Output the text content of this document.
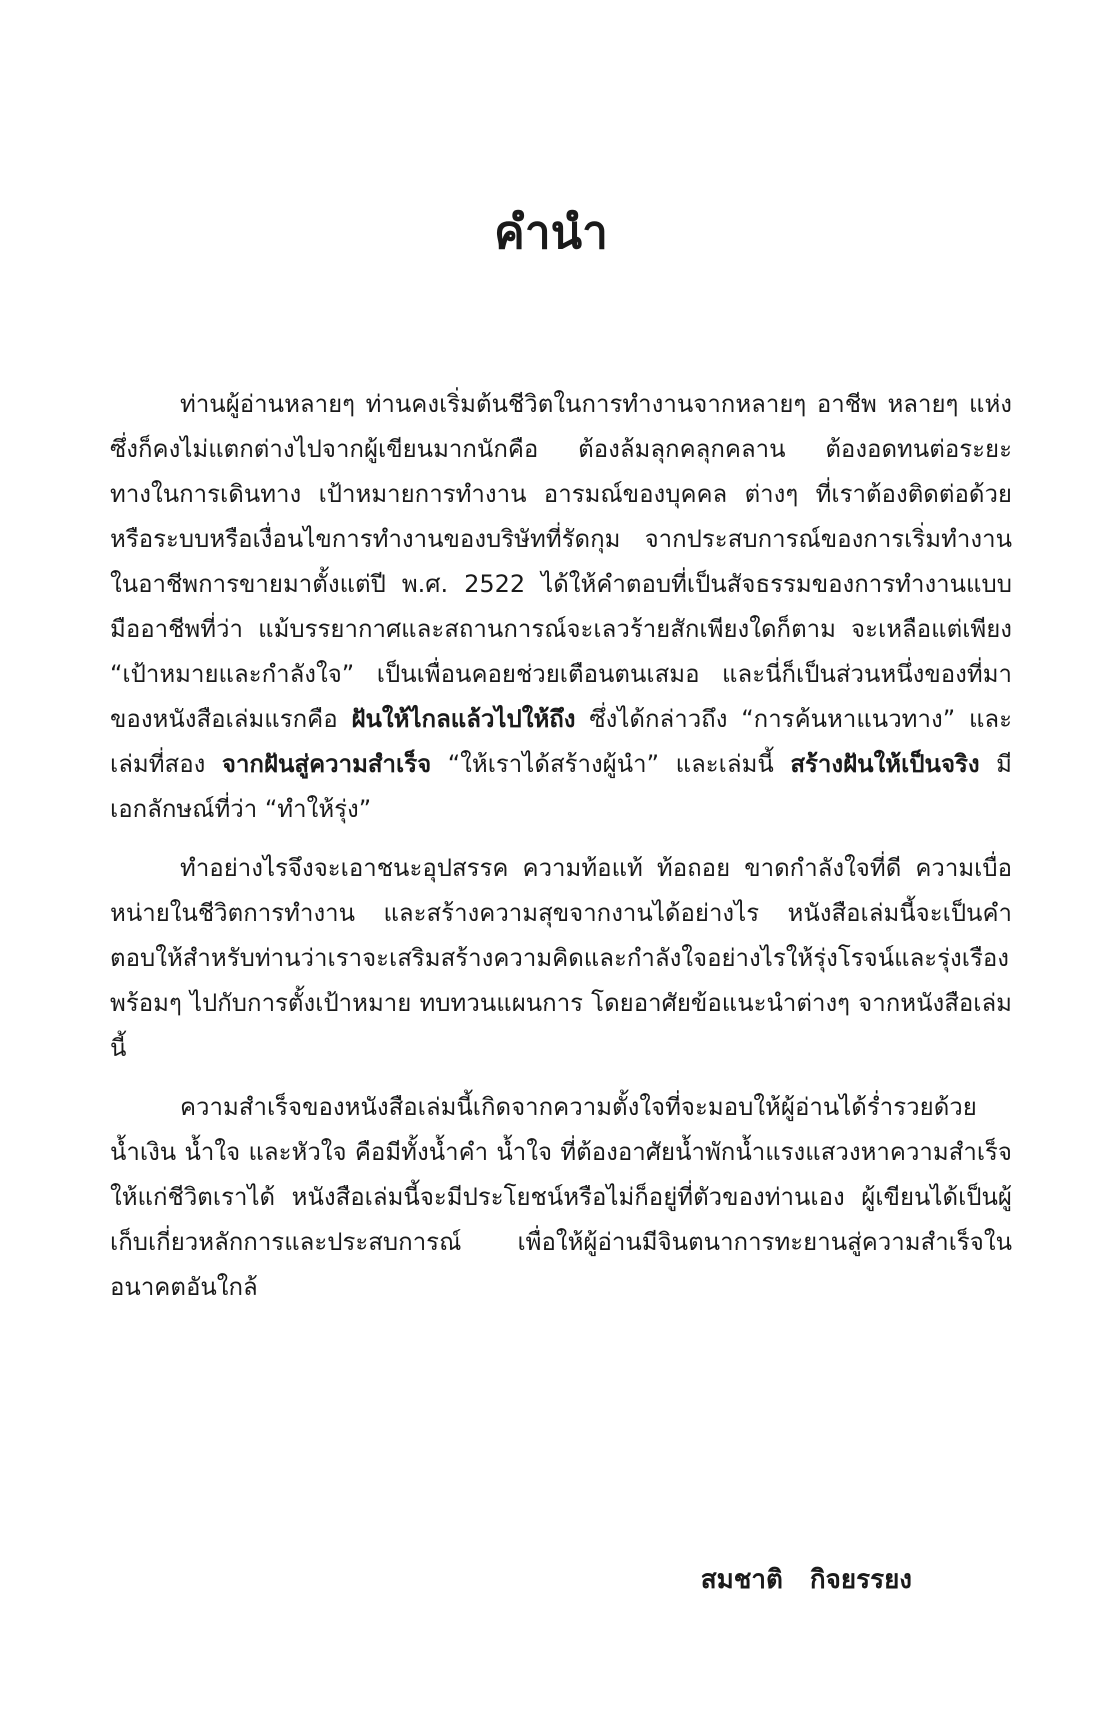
คำนำ

ท่านผู้อ่านหลายๆ ท่านคงเริ่มต้นชีวิตในการทำงานจากหลายๆ อาชีพ หลายๆ แห่ง ซึ่งก็คงไม่แตกต่างไปจากผู้เขียนมากนักคือ ต้องล้มลุกคลุกคลาน ต้องอดทนต่อระยะทางในการเดินทาง เป้าหมายการทำงาน อารมณ์ของบุคคล ต่างๆ ที่เราต้องติดต่อด้วย หรือระบบหรือเงื่อนไขการทำงานของบริษัทที่รัดกุม จากประสบการณ์ของการเริ่มทำงานในอาชีพการขายมาตั้งแต่ปี พ.ศ. 2522 ได้ให้คำตอบที่เป็นสัจธรรมของการทำงานแบบมืออาชีพที่ว่า แม้บรรยากาศและสถานการณ์จะเลวร้ายสักเพียงใดก็ตาม จะเหลือแต่เพียง “เป้าหมายและกำลังใจ” เป็นเพื่อนคอยช่วยเตือนตนเสมอ และนี่ก็เป็นส่วนหนึ่งของที่มาของหนังสือเล่มแรกคือ ฝันให้ไกลแล้วไปให้ถึง ซึ่งได้กล่าวถึง “การค้นหาแนวทาง” และเล่มที่สอง จากฝันสู่ความสำเร็จ “ให้เราได้สร้างผู้นำ” และเล่มนี้ สร้างฝันให้เป็นจริง มีเอกลักษณ์ที่ว่า “ทำให้รุ่ง”

ทำอย่างไรจึงจะเอาชนะอุปสรรค ความท้อแท้ ท้อถอย ขาดกำลังใจที่ดี ความเบื่อหน่ายในชีวิตการทำงาน และสร้างความสุขจากงานได้อย่างไร หนังสือเล่มนี้จะเป็นคำตอบให้สำหรับท่านว่าเราจะเสริมสร้างความคิดและกำลังใจอย่างไรให้รุ่งโรจน์และรุ่งเรือง พร้อมๆ ไปกับการตั้งเป้าหมาย ทบทวนแผนการ โดยอาศัยข้อแนะนำต่างๆ จากหนังสือเล่มนี้

ความสำเร็จของหนังสือเล่มนี้เกิดจากความตั้งใจที่จะมอบให้ผู้อ่านได้ร่ำรวยด้วยน้ำเงิน น้ำใจ และหัวใจ คือมีทั้งน้ำคำ น้ำใจ ที่ต้องอาศัยน้ำพักน้ำแรงแสวงหาความสำเร็จให้แก่ชีวิตเราได้ หนังสือเล่มนี้จะมีประโยชน์หรือไม่ก็อยู่ที่ตัวของท่านเอง ผู้เขียนได้เป็นผู้เก็บเกี่ยวหลักการและประสบการณ์ เพื่อให้ผู้อ่านมีจินตนาการทะยานสู่ความสำเร็จในอนาคตอันใกล้

สมชาติ กิจยรรยง
